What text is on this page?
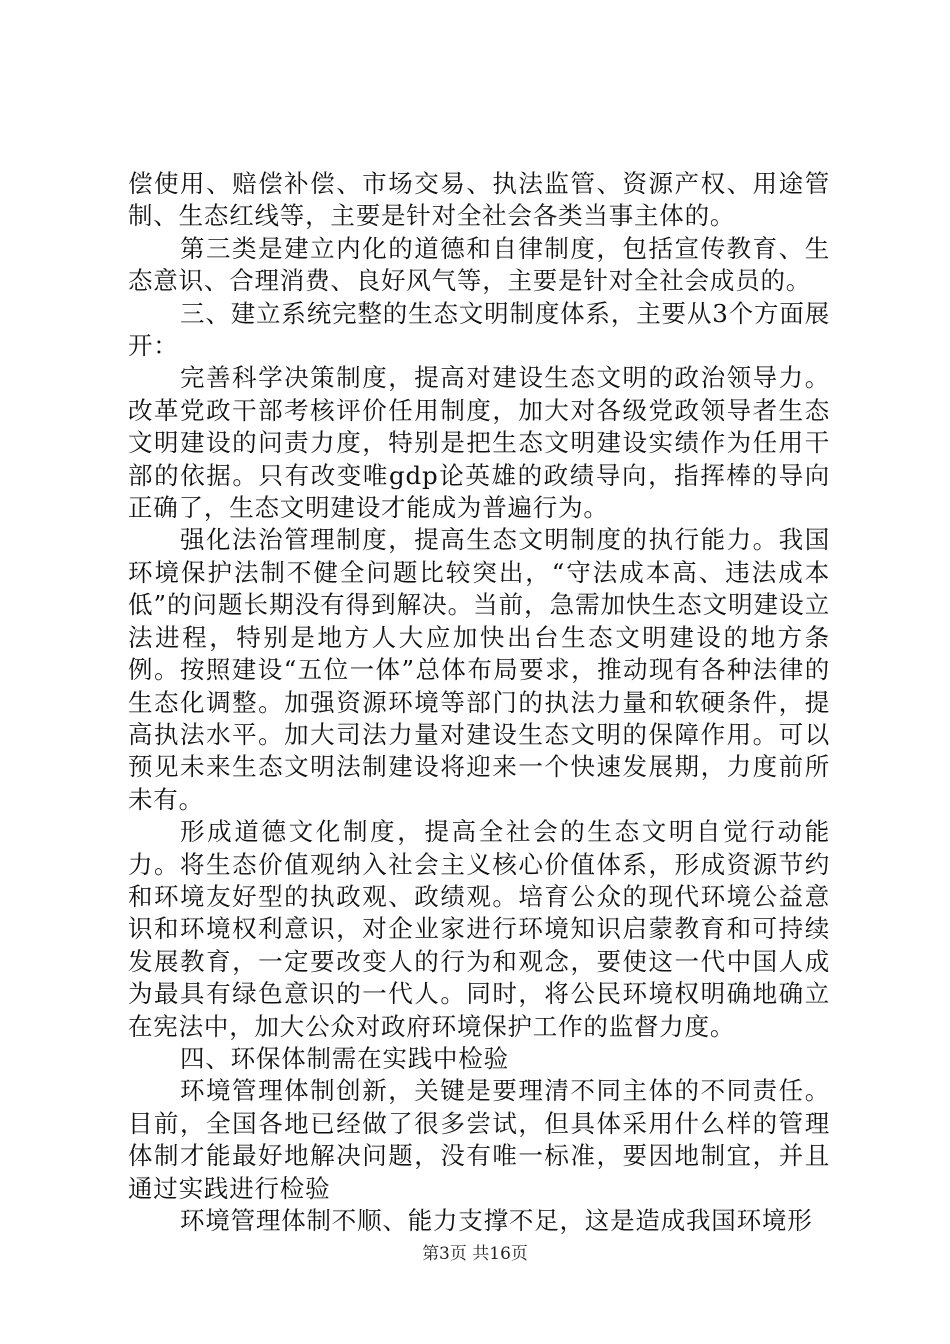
偿使用、赔偿补偿、市场交易、执法监管、资源产权、用途管制、生态红线等，主要是针对全社会各类当事主体的。

第三类是建立内化的道德和自律制度，包括宣传教育、生态意识、合理消费、良好风气等，主要是针对全社会成员的。

三、建立系统完整的生态文明制度体系，主要从3个方面展开：

完善科学决策制度，提高对建设生态文明的政治领导力。改革党政干部考核评价任用制度，加大对各级党政领导者生态文明建设的问责力度，特别是把生态文明建设实绩作为任用干部的依据。只有改变唯gdp论英雄的政绩导向，指挥棒的导向正确了，生态文明建设才能成为普遍行为。

强化法治管理制度，提高生态文明制度的执行能力。我国环境保护法制不健全问题比较突出，“守法成本高、违法成本低”的问题长期没有得到解决。当前，急需加快生态文明建设立法进程，特别是地方人大应加快出台生态文明建设的地方条例。按照建设“五位一体”总体布局要求，推动现有各种法律的生态化调整。加强资源环境等部门的执法力量和软硬条件，提高执法水平。加大司法力量对建设生态文明的保障作用。可以预见未来生态文明法制建设将迎来一个快速发展期，力度前所未有。

形成道德文化制度，提高全社会的生态文明自觉行动能力。将生态价值观纳入社会主义核心价值体系，形成资源节约和环境友好型的执政观、政绩观。培育公众的现代环境公益意识和环境权利意识，对企业家进行环境知识启蒙教育和可持续发展教育，一定要改变人的行为和观念，要使这一代中国人成为最具有绿色意识的一代人。同时，将公民环境权明确地确立在宪法中，加大公众对政府环境保护工作的监督力度。

四、环保体制需在实践中检验

环境管理体制创新，关键是要理清不同主体的不同责任。目前，全国各地已经做了很多尝试，但具体采用什么样的管理体制才能最好地解决问题，没有唯一标准，要因地制宜，并且通过实践进行检验

环境管理体制不顺、能力支撑不足，这是造成我国环境形

第3页 共16页
